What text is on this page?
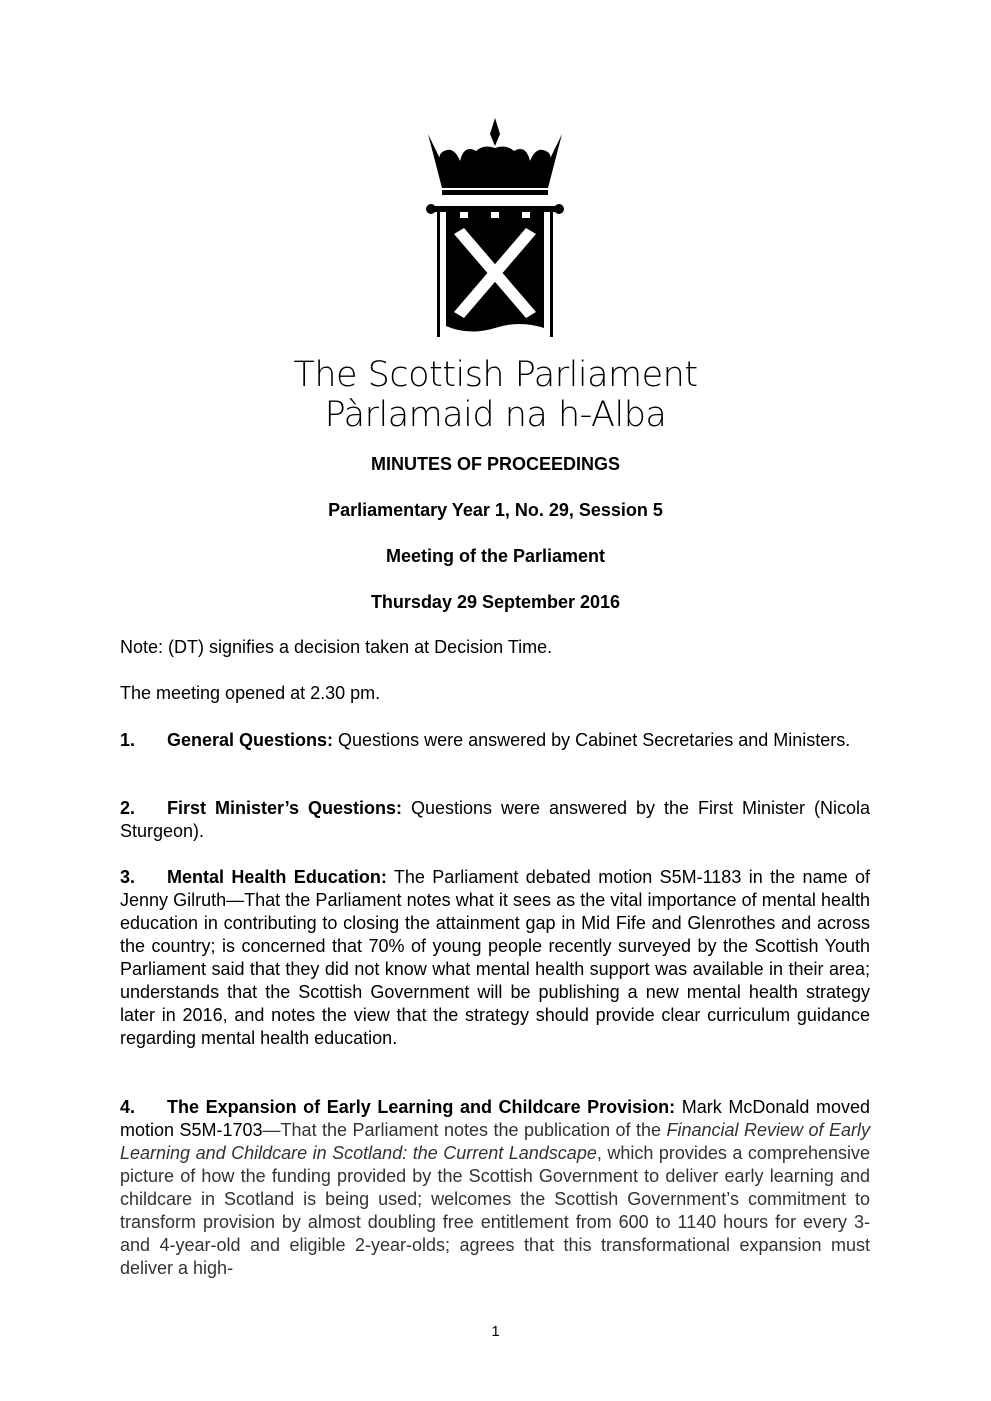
The Scottish Parliament
Pàrlamaid na h-Alba
MINUTES OF PROCEEDINGS
Parliamentary Year 1, No. 29, Session 5
Meeting of the Parliament
Thursday 29 September 2016
Note: (DT) signifies a decision taken at Decision Time.
The meeting opened at 2.30 pm.
1. General Questions: Questions were answered by Cabinet Secretaries and Ministers.
2. First Minister’s Questions: Questions were answered by the First Minister (Nicola Sturgeon).
3. Mental Health Education: The Parliament debated motion S5M-1183 in the name of Jenny Gilruth—That the Parliament notes what it sees as the vital importance of mental health education in contributing to closing the attainment gap in Mid Fife and Glenrothes and across the country; is concerned that 70% of young people recently surveyed by the Scottish Youth Parliament said that they did not know what mental health support was available in their area; understands that the Scottish Government will be publishing a new mental health strategy later in 2016, and notes the view that the strategy should provide clear curriculum guidance regarding mental health education.
4. The Expansion of Early Learning and Childcare Provision: Mark McDonald moved motion S5M-1703—That the Parliament notes the publication of the Financial Review of Early Learning and Childcare in Scotland: the Current Landscape, which provides a comprehensive picture of how the funding provided by the Scottish Government to deliver early learning and childcare in Scotland is being used; welcomes the Scottish Government’s commitment to transform provision by almost doubling free entitlement from 600 to 1140 hours for every 3- and 4-year-old and eligible 2-year-olds; agrees that this transformational expansion must deliver a high-
1
